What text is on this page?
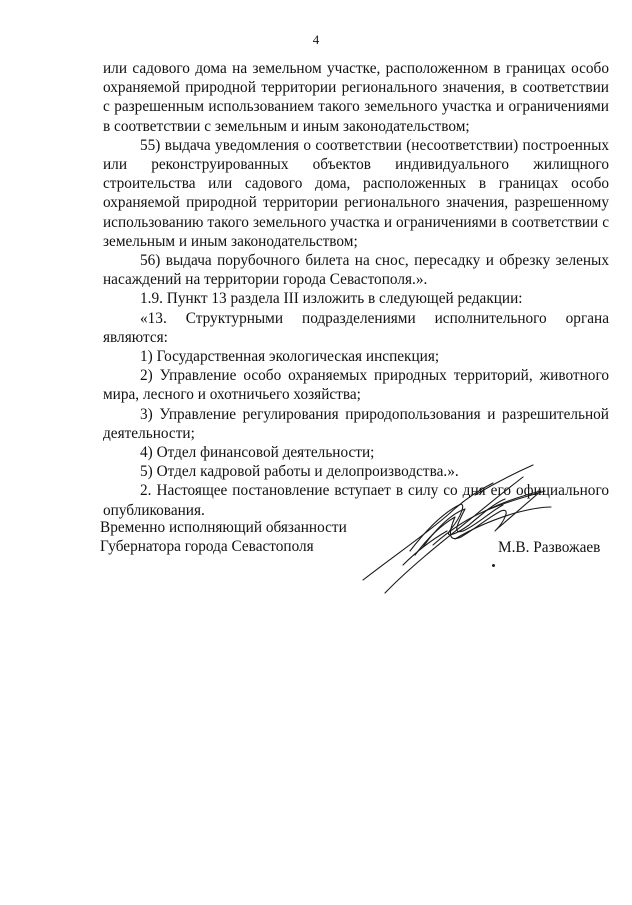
4

или садового дома на земельном участке, расположенном в границах особо охраняемой природной территории регионального значения, в соответствии с разрешенным использованием такого земельного участка и ограничениями в соответствии с земельным и иным законодательством;

55) выдача уведомления о соответствии (несоответствии) построенных или реконструированных объектов индивидуального жилищного строительства или садового дома, расположенных в границах особо охраняемой природной территории регионального значения, разрешенному использованию такого земельного участка и ограничениями в соответствии с земельным и иным законодательством;

56) выдача порубочного билета на снос, пересадку и обрезку зеленых насаждений на территории города Севастополя.».

1.9. Пункт 13 раздела III изложить в следующей редакции:

«13. Структурными подразделениями исполнительного органа являются:

1) Государственная экологическая инспекция;

2) Управление особо охраняемых природных территорий, животного мира, лесного и охотничьего хозяйства;

3) Управление регулирования природопользования и разрешительной деятельности;

4) Отдел финансовой деятельности;

5) Отдел кадровой работы и делопроизводства.».

2. Настоящее постановление вступает в силу со дня его официального опубликования.

Временно исполняющий обязанности
Губернатора города Севастополя	М.В. Развожаев
